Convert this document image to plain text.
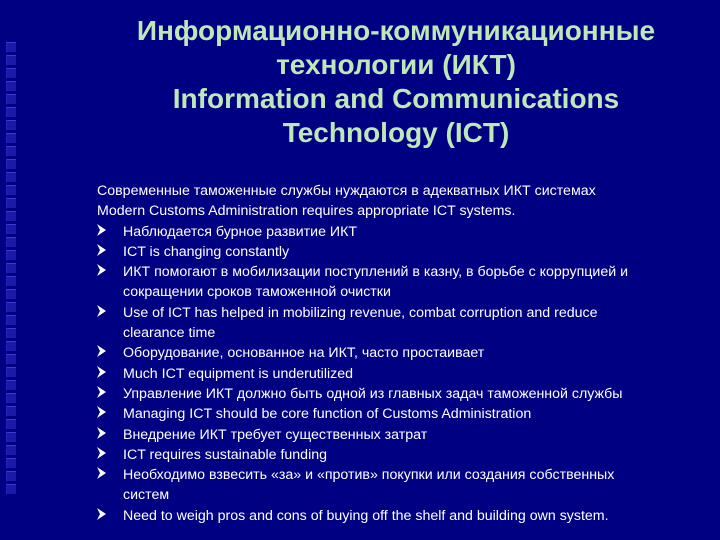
Информационно-коммуникационные
технологии (ИКТ)
Information and Communications
Technology (ICT)
Современные таможенные службы нуждаются в адекватных ИКТ системах
Modern Customs Administration requires appropriate ICT systems.
Наблюдается бурное развитие ИКТ
ICT is changing constantly
ИКТ помогают в мобилизации поступлений в казну, в борьбе с коррупцией и
сокращении сроков таможенной очистки
Use of ICT has helped in mobilizing revenue, combat corruption and reduce
clearance time
Оборудование, основанное на ИКТ, часто простаивает
Much ICT equipment is underutilized
Управление ИКТ должно быть одной из главных задач таможенной службы
Managing ICT should be core function of Customs Administration
Внедрение ИКТ требует существенных затрат
ICT requires sustainable funding
Необходимо взвесить «за» и «против» покупки или создания собственных
систем
Need to weigh pros and cons of buying off the shelf and building own system.
